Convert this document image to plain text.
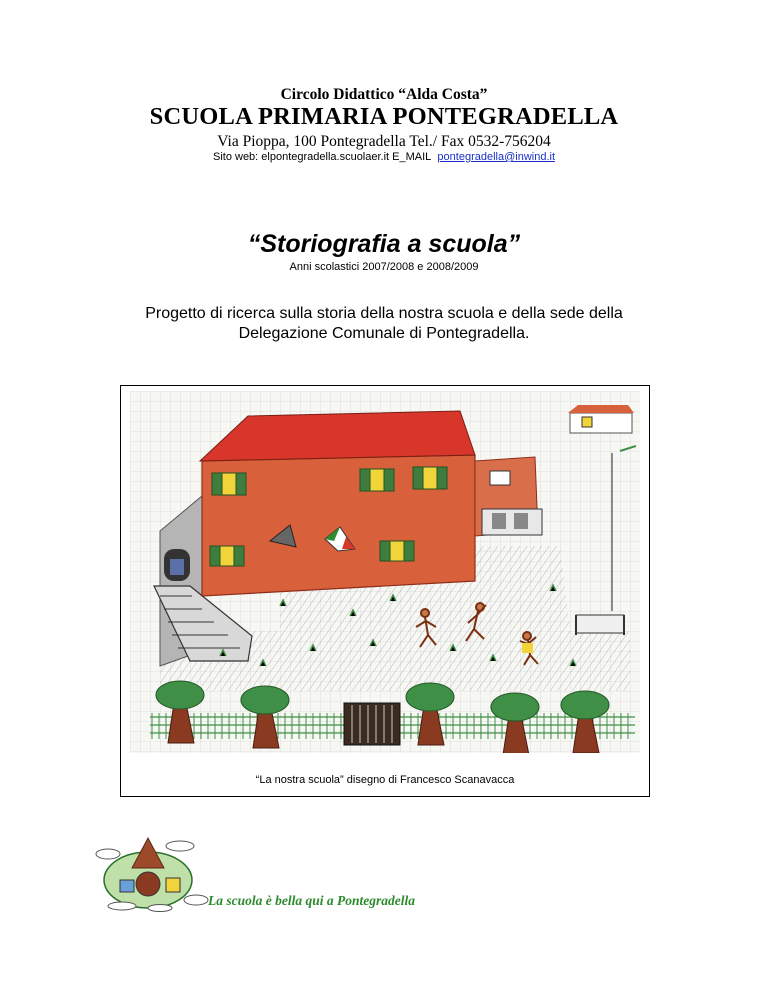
Circolo Didattico “Alda Costa”
SCUOLA PRIMARIA PONTEGRADELLA
Via Pioppa, 100 Pontegradella Tel./ Fax 0532-756204
Sito web: elpontegradella.scuolaer.it E_MAIL pontegradella@inwind.it
“Storiografia a scuola”
Anni scolastici 2007/2008 e 2008/2009
Progetto di ricerca sulla storia della nostra scuola e della sede della
Delegazione Comunale di Pontegradella.
“La nostra scuola” disegno di Francesco Scanavacca
La scuola è bella qui a Pontegradella
